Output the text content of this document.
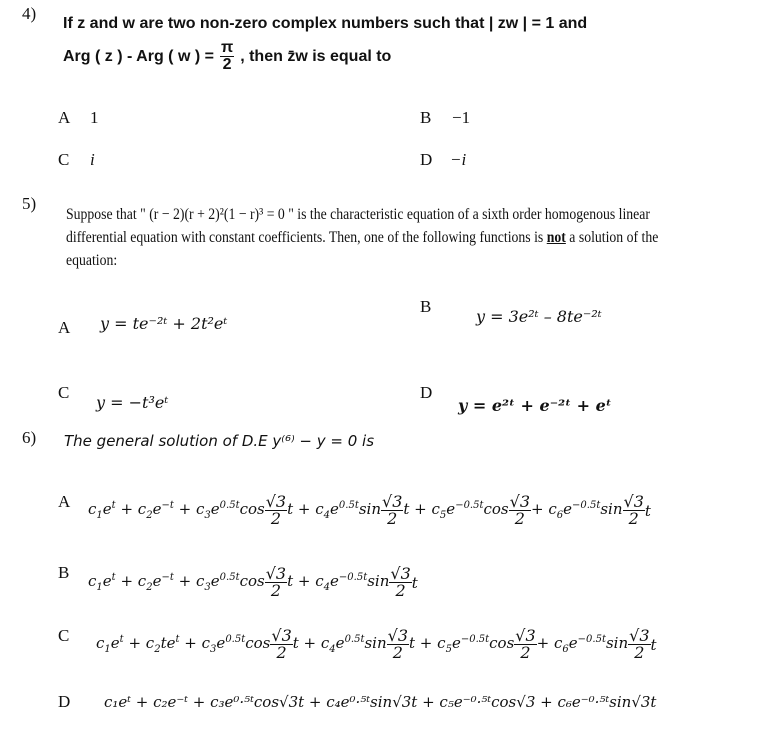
4)
If z and w are two non-zero complex numbers such that | zw | = 1 and
Arg ( z ) - Arg ( w ) = $\frac{\pi}{2}$ , then z̄w is equal to
A 1	B −1
C i	D −i
5)
Suppose that " (r − 2)(r + 2)²(1 − r)³ = 0 " is the characteristic equation of a sixth order homogenous linear
differential equation with constant coefficients. Then, one of the following functions is not a solution of the
equation:
A y = te⁻²ᵗ + 2t²eᵗ
B
y = 3e²ᵗ – 8te⁻²ᵗ
C
y = −t³eᵗ
D
y = e²ᵗ + e⁻²ᵗ + eᵗ
6) The general solution of D.E y⁽⁶⁾ − y = 0 is
A $c_1e^t + c_2e^{-t} + c_3e^{0.5t}\cos \frac{√3}{2}$ $t + c_4e^{0.5t}\sin \frac{√3}{2}$ $t + c_5e^{-0.5t}\cos \frac{√3}{2} + c_6e^{-0.5t}\sin \frac{√3}{2}$ t
B $c_1e^t + c_2e^{-t} + c_3e^{0.5t}\cos \frac{√3}{2}$ $t + c_4e^{-0.5t}\sin \frac{√3}{2}$ t
C $c_1e^t + c_2te^t + c_3e^{0.5t}\cos \frac{√3}{2}$ $t + c_4e^{0.5t}\sin \frac{√3}{2}$ $t + c_5e^{-0.5t}\cos \frac{√3}{2} + c_6e^{-0.5t}\sin \frac{√3}{2}$ t
D c₁eᵗ + c₂e⁻ᵗ + c₃e⁰·⁵ᵗcos√3t + c₄e⁰·⁵ᵗsin√3t + c₅e⁻⁰·⁵ᵗcos√3 + c₆e⁻⁰·⁵ᵗsin√3t
